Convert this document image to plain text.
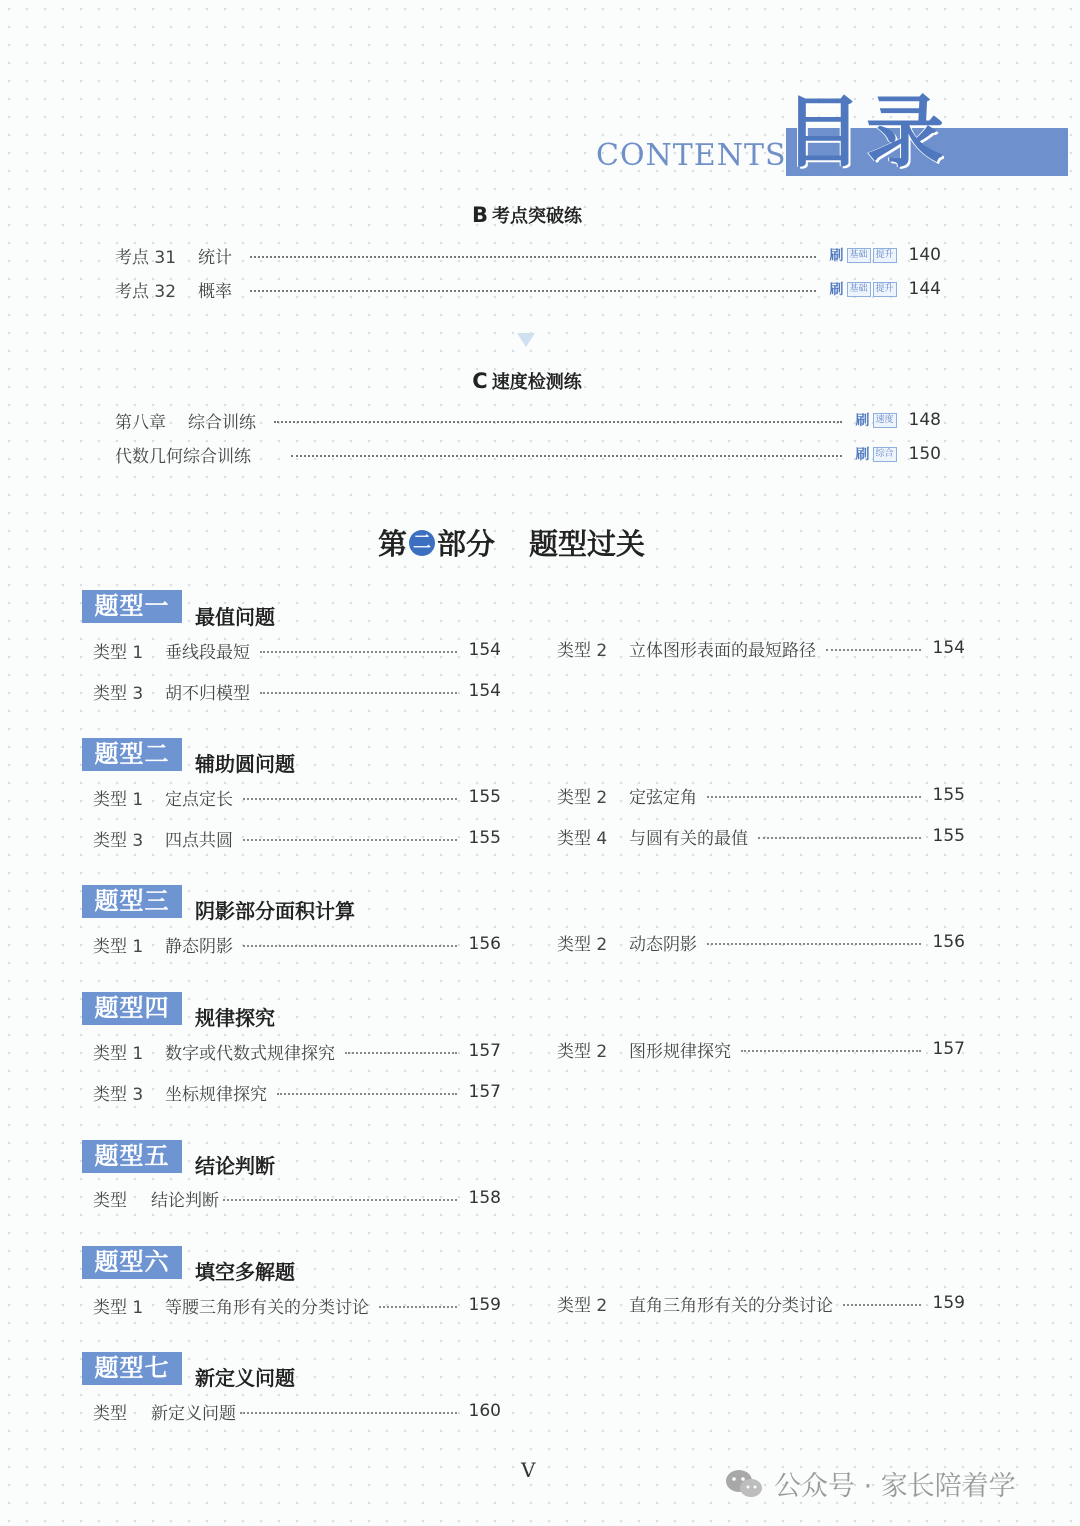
CONTENTS

目录
B 考点突破练
考点 31 统计	刷 基础 提升 140
考点 32 概率	刷 基础 提升 144
C 速度检测练
第八章 综合训练	刷 速度 148
代数几何综合训练	刷 综合 150
第 二 部分 题型过关
题型一	最值问题
类型 1	垂线段最短	154	类型 2	立体图形表面的最短路径	154
类型 3	胡不归模型	154
题型二	辅助圆问题
类型 1	定点定长	155	类型 2	定弦定角	155
类型 3	四点共圆	155	类型 4	与圆有关的最值	155
题型三	阴影部分面积计算
类型 1	静态阴影	156	类型 2	动态阴影	156
题型四	规律探究
类型 1	数字或代数式规律探究	157	类型 2	图形规律探究	157
类型 3	坐标规律探究	157
题型五	结论判断
类型	结论判断	158
题型六	填空多解题
类型 1	等腰三角形有关的分类讨论	159	类型 2	直角三角形有关的分类讨论	159
题型七	新定义问题
类型	新定义问题	160

V

公众号 · 家长陪着学
